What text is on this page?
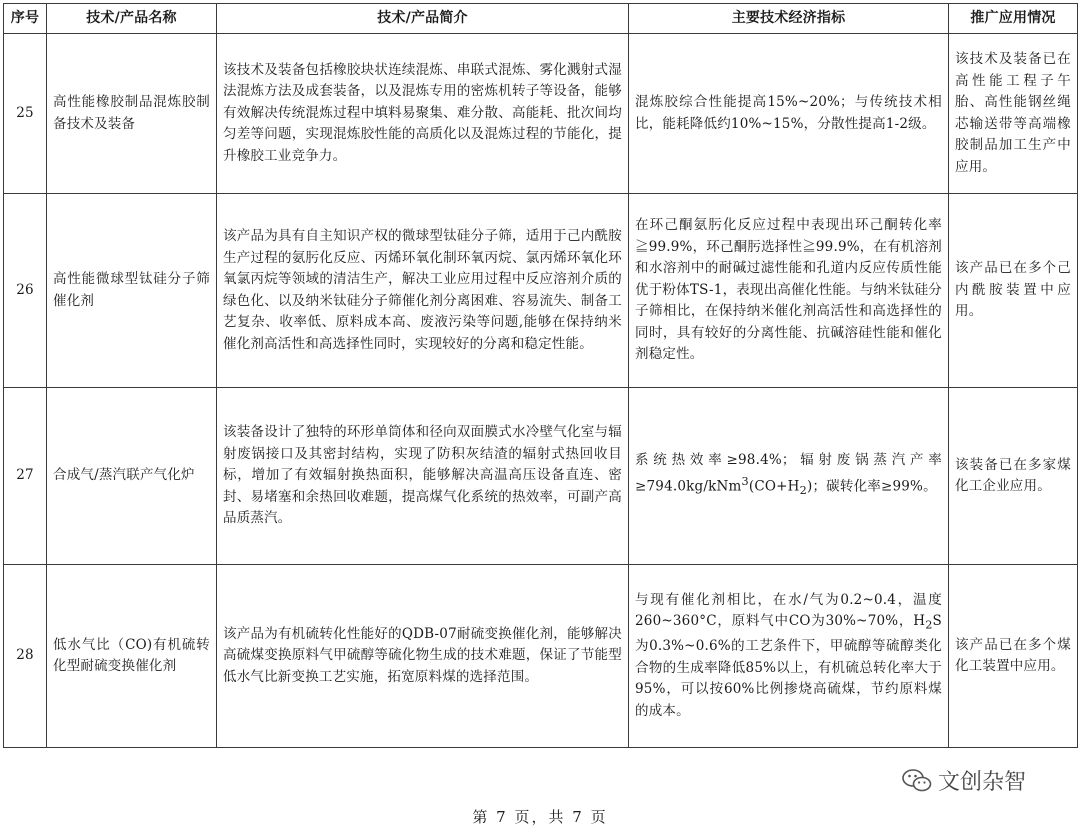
序号	技术/产品名称	技术/产品简介	主要技术经济指标	推广应用情况
25	高性能橡胶制品混炼胶制备技术及装备	该技术及装备包括橡胶块状连续混炼、串联式混炼、雾化溅射式湿法混炼方法及成套装备，以及混炼专用的密炼机转子等设备，能够有效解决传统混炼过程中填料易聚集、难分散、高能耗、批次间均匀差等问题，实现混炼胶性能的高质化以及混炼过程的节能化，提升橡胶工业竞争力。	混炼胶综合性能提高15%~20%；与传统技术相比，能耗降低约10%~15%，分散性提高1-2级。	该技术及装备已在高性能工程子午胎、高性能钢丝绳芯输送带等高端橡胶制品加工生产中应用。
26	高性能微球型钛硅分子筛催化剂	该产品为具有自主知识产权的微球型钛硅分子筛，适用于己内酰胺生产过程的氨肟化反应、丙烯环氧化制环氧丙烷、氯丙烯环氧化环氧氯丙烷等领域的清洁生产，解决工业应用过程中反应溶剂介质的绿色化、以及纳米钛硅分子筛催化剂分离困难、容易流失、制备工艺复杂、收率低、原料成本高、废液污染等问题,能够在保持纳米催化剂高活性和高选择性同时，实现较好的分离和稳定性能。	在环己酮氨肟化反应过程中表现出环己酮转化率≧99.9%，环己酮肟选择性≧99.9%，在有机溶剂和水溶剂中的耐碱过滤性能和孔道内反应传质性能优于粉体TS-1，表现出高催化性能。与纳米钛硅分子筛相比，在保持纳米催化剂高活性和高选择性的同时，具有较好的分离性能、抗碱溶硅性能和催化剂稳定性。	该产品已在多个己内酰胺装置中应用。
27	合成气/蒸汽联产气化炉	该装备设计了独特的环形单筒体和径向双面膜式水冷壁气化室与辐射废锅接口及其密封结构，实现了防积灰结渣的辐射式热回收目标，增加了有效辐射换热面积，能够解决高温高压设备直连、密封、易堵塞和余热回收难题，提高煤气化系统的热效率，可副产高品质蒸汽。	系统热效率≥98.4%；辐射废锅蒸汽产率$\ge 794.0kg/kNm^3(CO+H_2)$；碳转化率≥99%。	该装备已在多家煤化工企业应用。
28	低水气比（CO)有机硫转化型耐硫变换催化剂	该产品为有机硫转化性能好的QDB-07耐硫变换催化剂，能够解决高硫煤变换原料气甲硫醇等硫化物生成的技术难题，保证了节能型低水气比新变换工艺实施，拓宽原料煤的选择范围。	与现有催化剂相比，在水/气为0.2~0.4，温度260~360°C，原料气中CO为30%~70%，$H_2S$为0.3%~0.6%的工艺条件下，甲硫醇等硫醇类化合物的生成率降低85%以上，有机硫总转化率大于95%，可以按60%比例掺烧高硫煤，节约原料煤的成本。	该产品已在多个煤化工装置中应用。
文创杂智
第 7 页，共 7 页
